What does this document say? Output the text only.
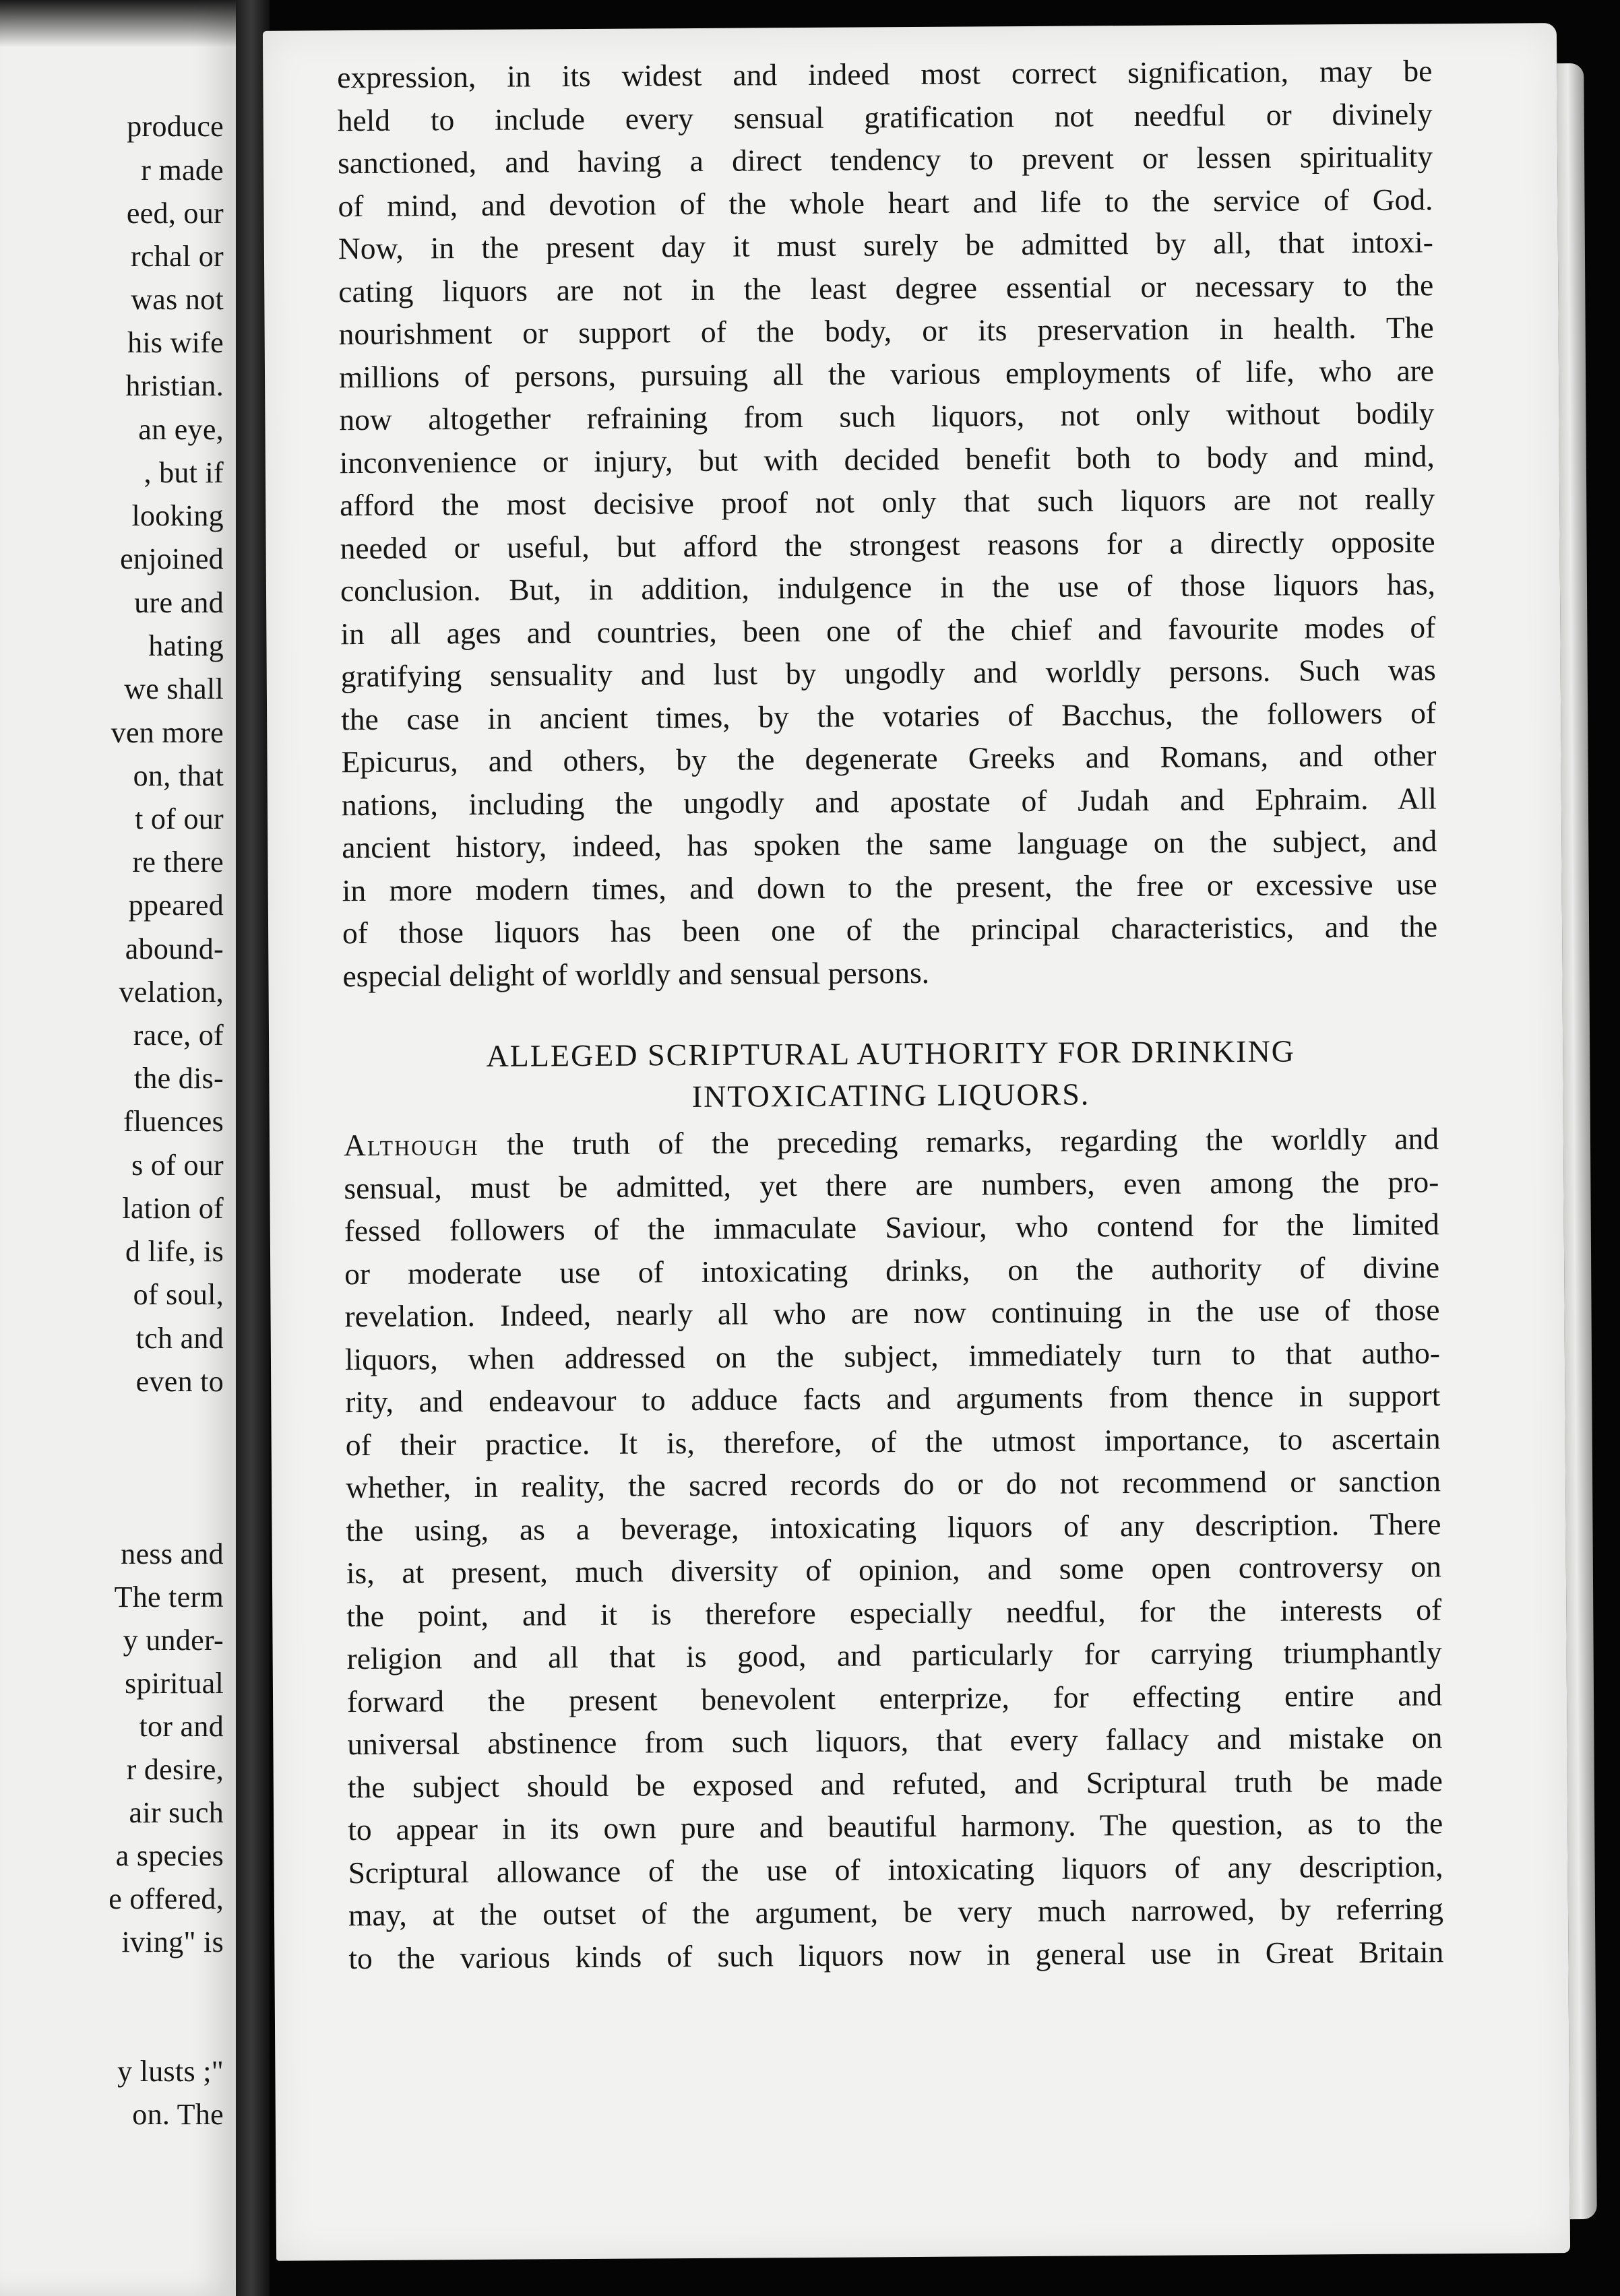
produce
r made
eed, our
rchal or
was not
his wife
hristian.
an eye,
, but if
looking
enjoined
ure and
hating
we shall
ven more
on, that
t of our
re there
ppeared
abound-
velation,
race, of
the dis-
fluences
s of our
lation of
d life, is
of soul,
tch and
even to
ness and
The term
y under-
spiritual
tor and
r desire,
air such
a species
e offered,
iving" is
y lusts ;"
on. The
expression, in its widest and indeed most correct signification, may be
held to include every sensual gratification not needful or divinely
sanctioned, and having a direct tendency to prevent or lessen spirituality
of mind, and devotion of the whole heart and life to the service of God.
Now, in the present day it must surely be admitted by all, that intoxi-
cating liquors are not in the least degree essential or necessary to the
nourishment or support of the body, or its preservation in health. The
millions of persons, pursuing all the various employments of life, who are
now altogether refraining from such liquors, not only without bodily
inconvenience or injury, but with decided benefit both to body and mind,
afford the most decisive proof not only that such liquors are not really
needed or useful, but afford the strongest reasons for a directly opposite
conclusion. But, in addition, indulgence in the use of those liquors has,
in all ages and countries, been one of the chief and favourite modes of
gratifying sensuality and lust by ungodly and worldly persons. Such was
the case in ancient times, by the votaries of Bacchus, the followers of
Epicurus, and others, by the degenerate Greeks and Romans, and other
nations, including the ungodly and apostate of Judah and Ephraim. All
ancient history, indeed, has spoken the same language on the subject, and
in more modern times, and down to the present, the free or excessive use
of those liquors has been one of the principal characteristics, and the
especial delight of worldly and sensual persons.
ALLEGED SCRIPTURAL AUTHORITY FOR DRINKING
INTOXICATING LIQUORS.
Although the truth of the preceding remarks, regarding the worldly and
sensual, must be admitted, yet there are numbers, even among the pro-
fessed followers of the immaculate Saviour, who contend for the limited
or moderate use of intoxicating drinks, on the authority of divine
revelation. Indeed, nearly all who are now continuing in the use of those
liquors, when addressed on the subject, immediately turn to that autho-
rity, and endeavour to adduce facts and arguments from thence in support
of their practice. It is, therefore, of the utmost importance, to ascertain
whether, in reality, the sacred records do or do not recommend or sanction
the using, as a beverage, intoxicating liquors of any description. There
is, at present, much diversity of opinion, and some open controversy on
the point, and it is therefore especially needful, for the interests of
religion and all that is good, and particularly for carrying triumphantly
forward the present benevolent enterprize, for effecting entire and
universal abstinence from such liquors, that every fallacy and mistake on
the subject should be exposed and refuted, and Scriptural truth be made
to appear in its own pure and beautiful harmony. The question, as to the
Scriptural allowance of the use of intoxicating liquors of any description,
may, at the outset of the argument, be very much narrowed, by referring
to the various kinds of such liquors now in general use in Great Britain
